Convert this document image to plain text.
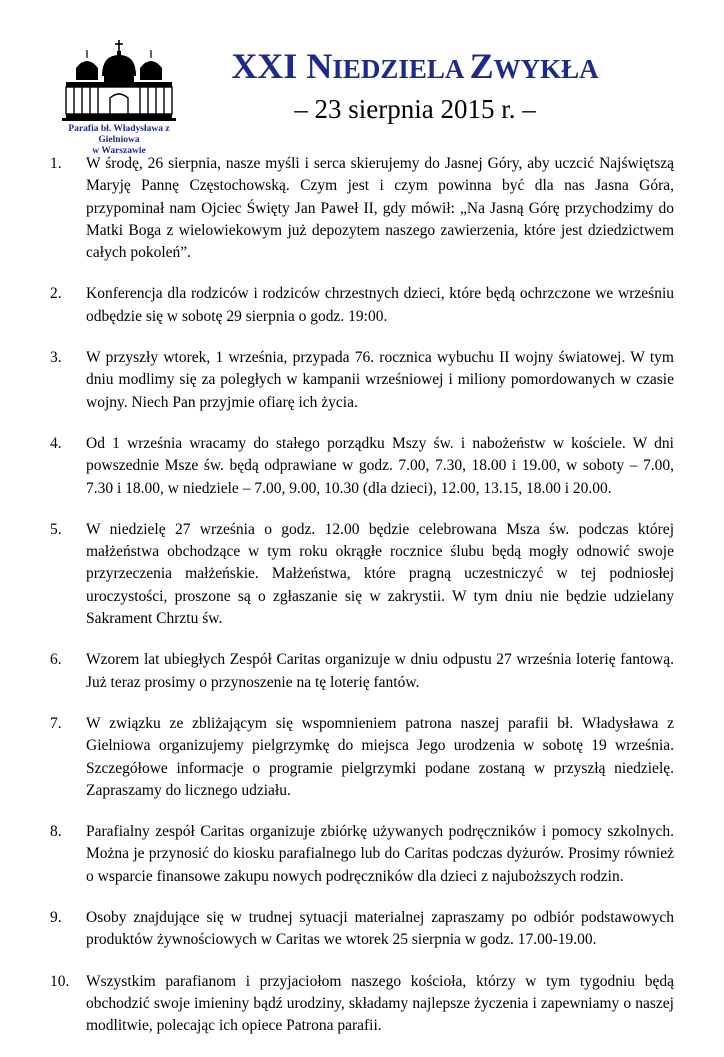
Parafia bł. Władysława z Gielniowa
w Warszawie
XXI NIEDZIELA ZWYKŁA

– 23 sierpnia 2015 r. –

1.	W środę, 26 sierpnia, nasze myśli i serca skierujemy do Jasnej Góry, aby uczcić Najświętszą Maryję Pannę Częstochowską. Czym jest i czym powinna być dla nas Jasna Góra, przypominał nam Ojciec Święty Jan Paweł II, gdy mówił: „Na Jasną Górę przychodzimy do Matki Boga z wielowiekowym już depozytem naszego zawierzenia, które jest dziedzictwem całych pokoleń”.
2.	Konferencja dla rodziców i rodziców chrzestnych dzieci, które będą ochrzczone we wrześniu odbędzie się w sobotę 29 sierpnia o godz. 19:00.
3.	W przyszły wtorek, 1 września, przypada 76. rocznica wybuchu II wojny światowej. W tym dniu modlimy się za poległych w kampanii wrześniowej i miliony pomordowanych w czasie wojny. Niech Pan przyjmie ofiarę ich życia.
4.	Od 1 września wracamy do stałego porządku Mszy św. i nabożeństw w kościele. W dni powszednie Msze św. będą odprawiane w godz. 7.00, 7.30, 18.00 i 19.00, w soboty – 7.00, 7.30 i 18.00, w niedziele – 7.00, 9.00, 10.30 (dla dzieci), 12.00, 13.15, 18.00 i 20.00.
5.	W niedzielę 27 września o godz. 12.00 będzie celebrowana Msza św. podczas której małżeństwa obchodzące w tym roku okrągłe rocznice ślubu będą mogły odnowić swoje przyrzeczenia małżeńskie. Małżeństwa, które pragną uczestniczyć w tej podniosłej uroczystości, proszone są o zgłaszanie się w zakrystii. W tym dniu nie będzie udzielany Sakrament Chrztu św.
6.	Wzorem lat ubiegłych Zespół Caritas organizuje w dniu odpustu 27 września loterię fantową. Już teraz prosimy o przynoszenie na tę loterię fantów.
7.	W związku ze zbliżającym się wspomnieniem patrona naszej parafii bł. Władysława z Gielniowa organizujemy pielgrzymkę do miejsca Jego urodzenia w sobotę 19 września. Szczegółowe informacje o programie pielgrzymki podane zostaną w przyszłą niedzielę. Zapraszamy do licznego udziału.
8.	Parafialny zespół Caritas organizuje zbiórkę używanych podręczników i pomocy szkolnych. Można je przynosić do kiosku parafialnego lub do Caritas podczas dyżurów. Prosimy również o wsparcie finansowe zakupu nowych podręczników dla dzieci z najuboższych rodzin.
9.	Osoby znajdujące się w trudnej sytuacji materialnej zapraszamy po odbiór podstawowych produktów żywnościowych w Caritas we wtorek 25 sierpnia w godz. 17.00-19.00.
10.	Wszystkim parafianom i przyjaciołom naszego kościoła, którzy w tym tygodniu będą obchodzić swoje imieniny bądź urodziny, składamy najlepsze życzenia i zapewniamy o naszej modlitwie, polecając ich opiece Patrona parafii.
